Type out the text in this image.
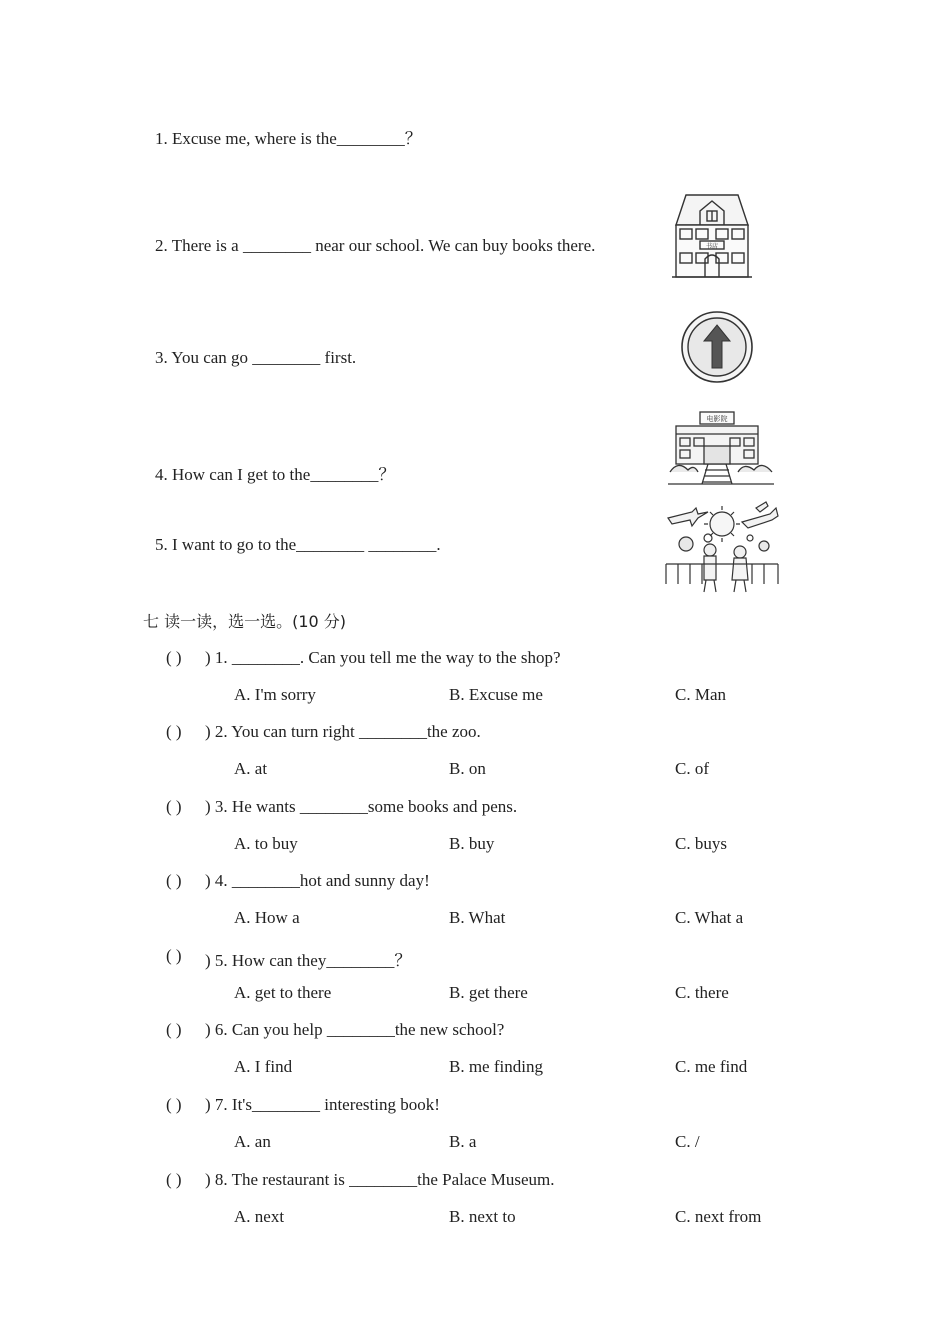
1. Excuse me, where is the________？
2. There is a ________ near our school. We can buy books there.
3. You can go ________ first.
4. How can I get to the________？
5. I want to go to the________ ________.
书店
电影院
七 读一读，选一选。(10 分)
( ) ) 1. ________. Can you tell me the way to the shop?
A. I'm sorry	B. Excuse me	C. Man
( ) ) 2. You can turn right ________the zoo.
A. at	B. on	C. of
( ) ) 3. He wants ________some books and pens.
A. to buy	B. buy	C. buys
( ) ) 4. ________hot and sunny day!
A. How a	B. What	C. What a
( ) ) 5. How can they________？
A. get to there	B. get there	C. there
( ) ) 6. Can you help ________the new school?
A. I find	B. me finding	C. me find
( ) ) 7. It's________ interesting book!
A. an	B. a	C. /
( ) ) 8. The restaurant is ________the Palace Museum.
A. next	B. next to	C. next from
